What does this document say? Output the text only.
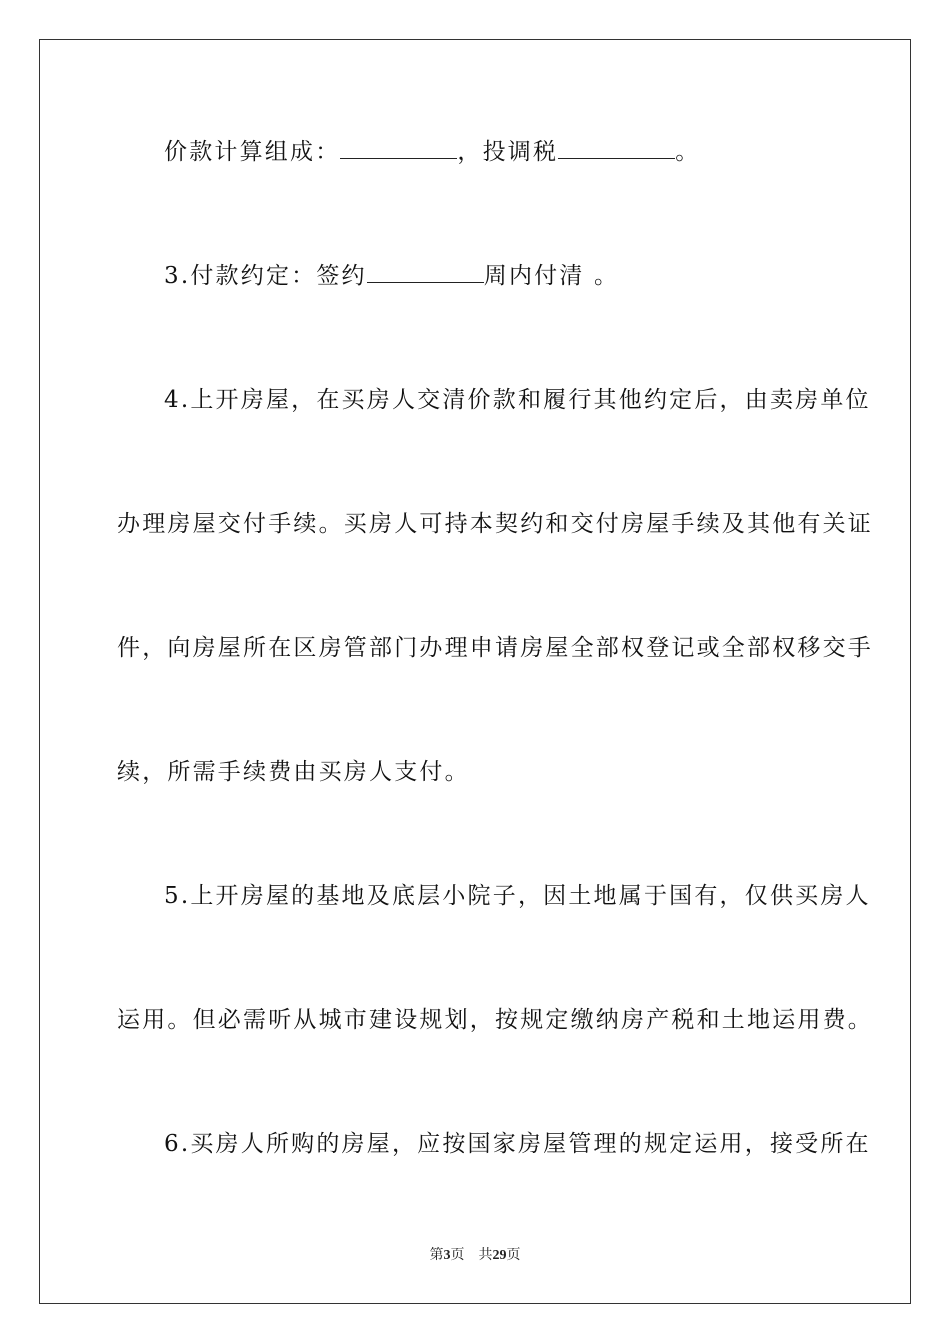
价款计算组成：	，投调税	。
3.付款约定：签约	周内付清 。
4.上开房屋，在买房人交清价款和履行其他约定后，由卖房单位
办理房屋交付手续。买房人可持本契约和交付房屋手续及其他有关证
件，向房屋所在区房管部门办理申请房屋全部权登记或全部权移交手
续，所需手续费由买房人支付。
5.上开房屋的基地及底层小院子，因土地属于国有，仅供买房人
运用。但必需听从城市建设规划，按规定缴纳房产税和土地运用费。
6.买房人所购的房屋，应按国家房屋管理的规定运用，接受所在
第3页　共29页
